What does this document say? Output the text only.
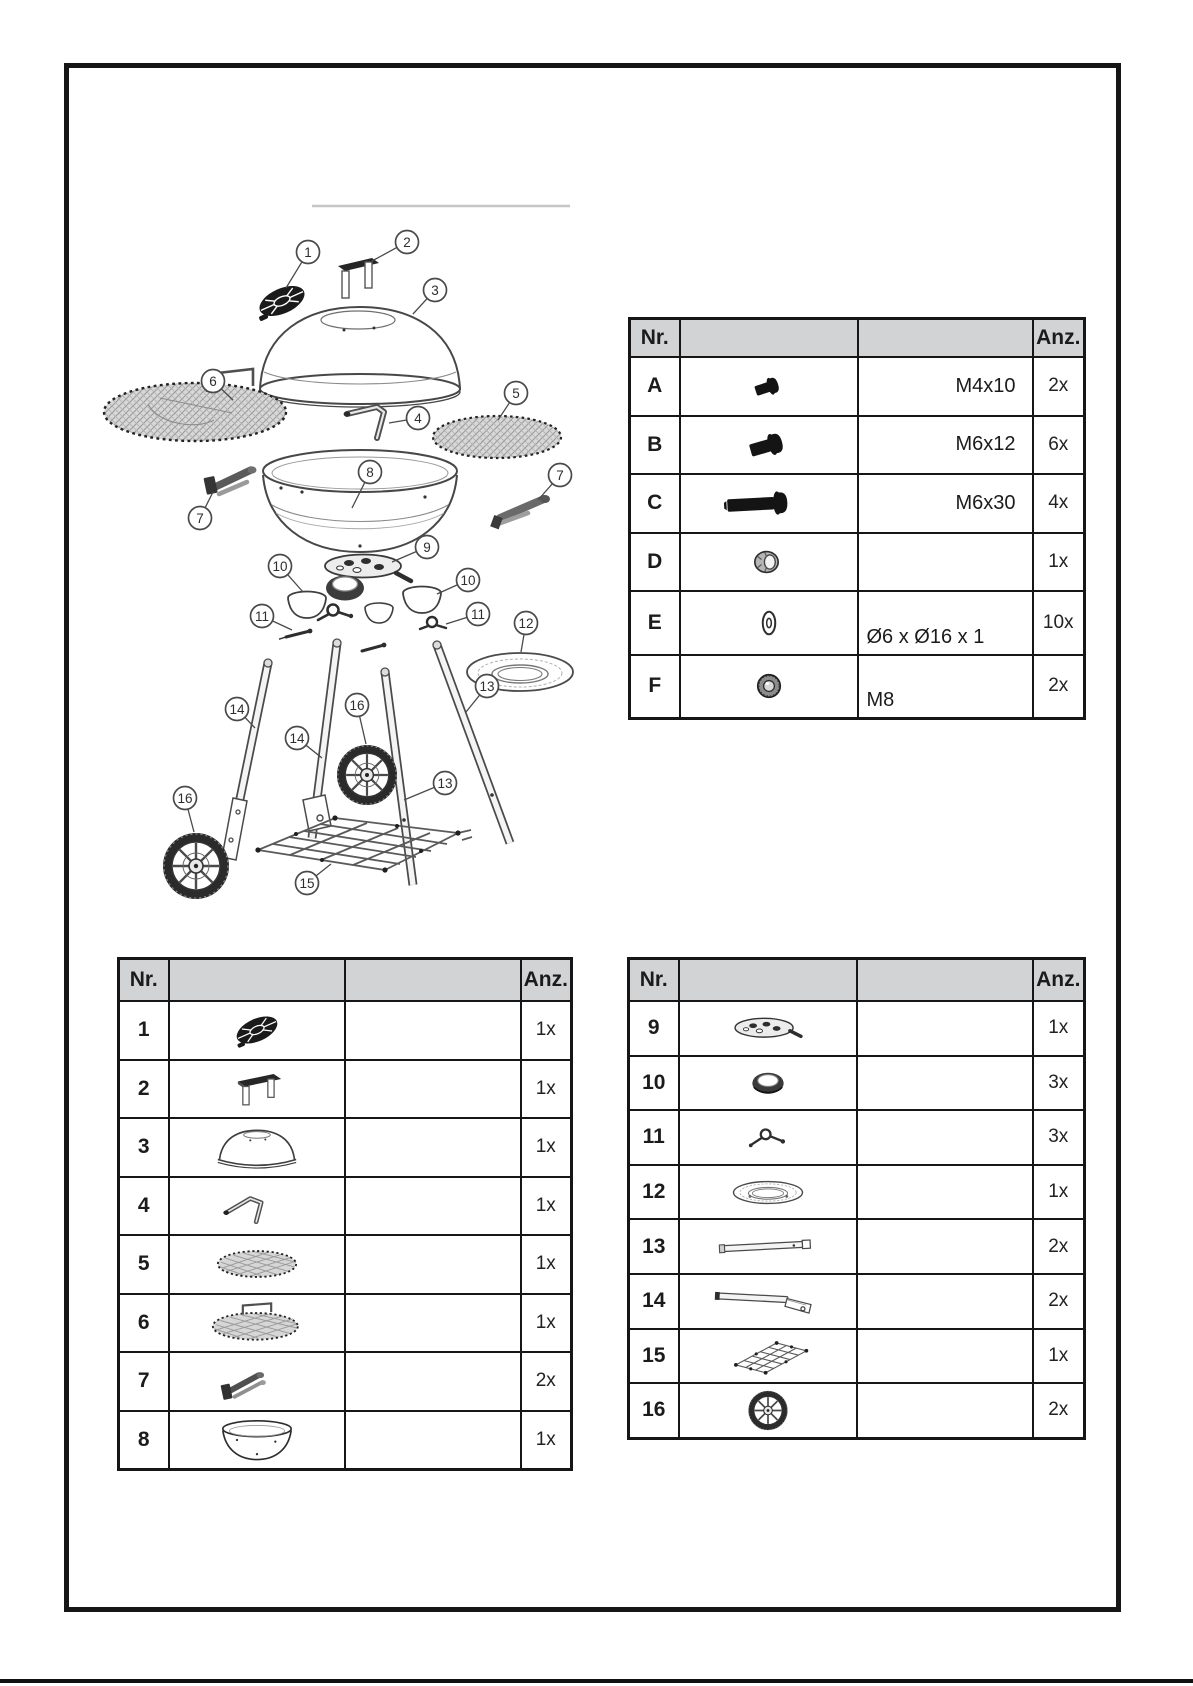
1
2
3
6
4
5
7
7
8
9
10
10
11	11
12
14
14
16
16
13
13
15
Nr.			Anz.
A		M4x10	2x
B		M6x12	6x
C		M6x30	4x
D			1x
E		Ø6 x Ø16 x 1	10x
F		M8	2x
Nr.			Anz.
1			1x
2			1x
3			1x
4			1x
5			1x
6			1x
7			2x
8			1x
Nr.			Anz.
9			1x
10			3x
11			3x
12			1x
13			2x
14			2x
15			1x
16			2x
